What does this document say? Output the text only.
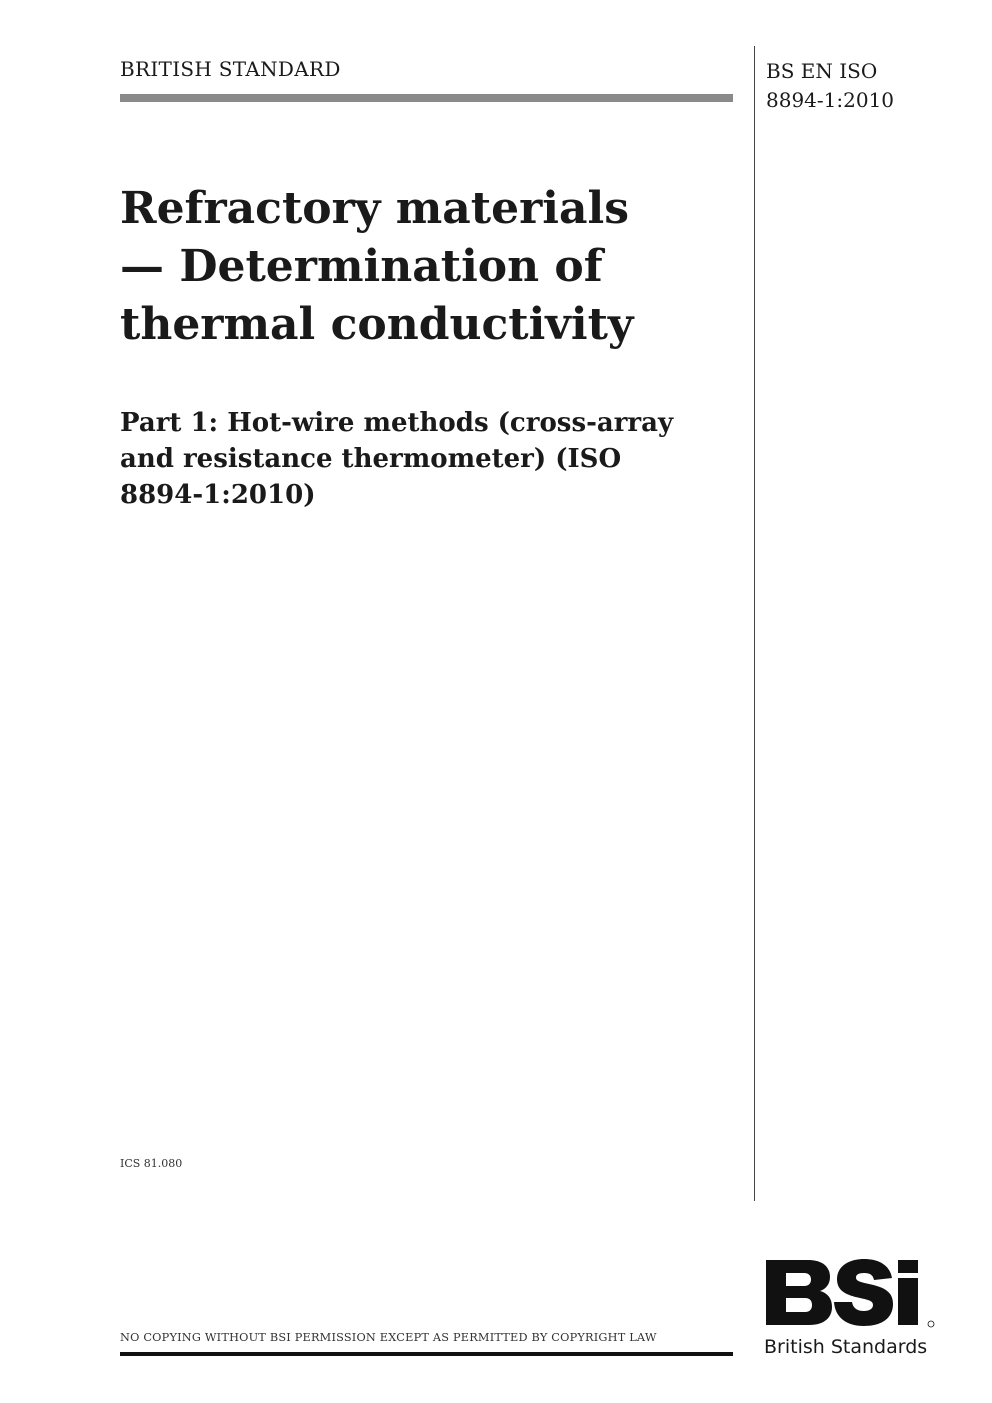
BRITISH STANDARD	BS EN ISO
8894-1:2010
Refractory materials
— Determination of
thermal conductivity
Part 1: Hot-wire methods (cross-array
and resistance thermometer) (ISO
8894-1:2010)
ICS 81.080
NO COPYING WITHOUT BSI PERMISSION EXCEPT AS PERMITTED BY COPYRIGHT LAW	British Standards
